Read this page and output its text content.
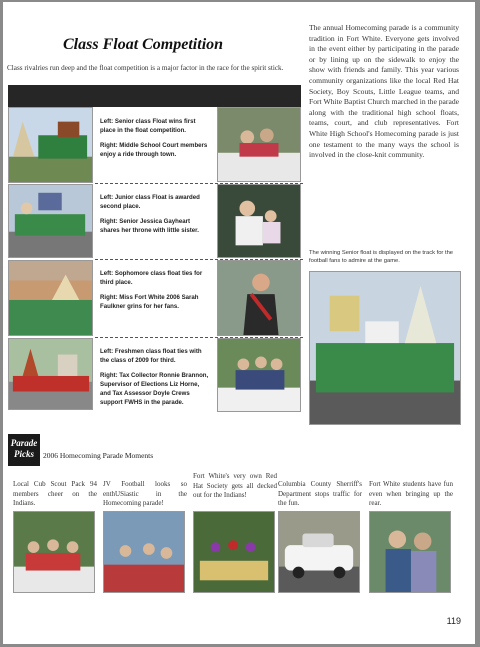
Class Float Competition
Class rivalries run deep and the float competition is a major factor in the race for the spirit stick.

The annual Homecoming parade is a community tradition in Fort White. Everyone gets involved in the event either by participating in the parade or by lining up on the sidewalk to enjoy the show with friends and family. This year various community organizations like the local Red Hat Society, Boy Scouts, Little League teams, and Fort White Baptist Church marched in the parade along with the traditional high school floats, teams, court, and club representatives. Fort White High School's Homecoming parade is just one testament to the many ways the school is involved in the close-knit community.

Left: Senior class Float wins first place in the float competition.

Right: Middle School Court members enjoy a ride through town.

Left: Junior class Float is awarded second place.

Right: Senior Jessica Gayheart shares her throne with little sister.

Left: Sophomore class float ties for third place.

Right: Miss Fort White 2006 Sarah Faulkner grins for her fans.

Left: Freshmen class float ties with the class of 2009 for third.

Right: Tax Collector Ronnie Brannon, Supervisor of Elections Liz Horne, and Tax Assessor Doyle Crews support FWHS in the parade.

The winning Senior float is displayed on the track for the football fans to admire at the game.

Parade
Picks	2006 Homecoming Parade Moments

Local Cub Scout Pack 94 members cheer on the Indians.

JV Football looks so enthUSiastic in the Homecoming parade!

Fort White's very own Red Hat Society gets all decked out for the Indians!

Columbia County Sherriff's Department stops traffic for the fun.

Fort White students have fun even when bringing up the rear.

119
